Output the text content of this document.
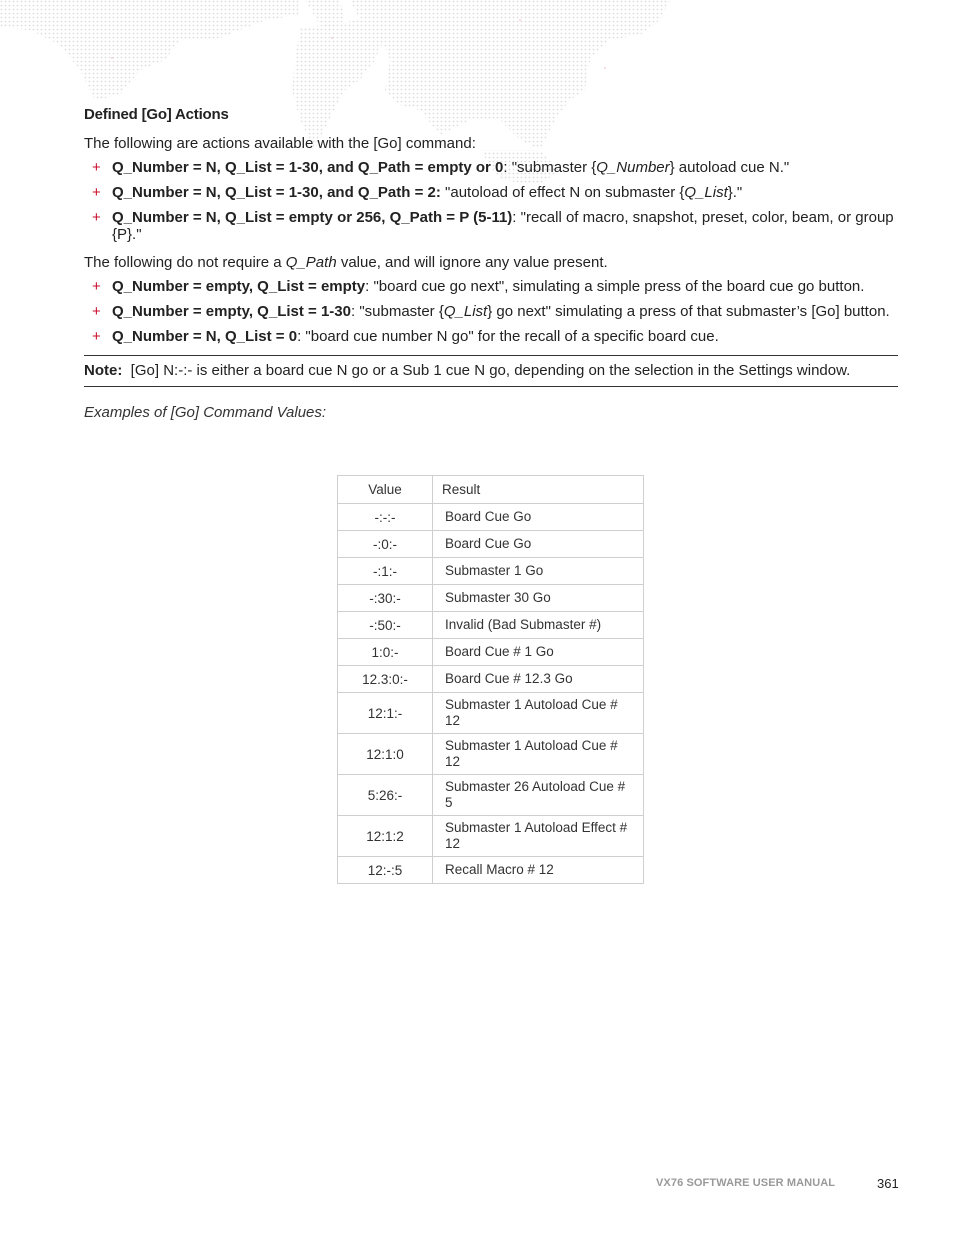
Defined [Go] Actions

The following are actions available with the [Go] command:

+ Q_Number = N, Q_List = 1-30, and Q_Path = empty or 0: "submaster {Q_Number} autoload cue N."
+ Q_Number = N, Q_List = 1-30, and Q_Path = 2: "autoload of effect N on submaster {Q_List}."
+ Q_Number = N, Q_List = empty or 256, Q_Path = P (5-11): "recall of macro, snapshot, preset, color, beam, or group {P}."

The following do not require a Q_Path value, and will ignore any value present.

+ Q_Number = empty, Q_List = empty: "board cue go next", simulating a simple press of the board cue go button.
+ Q_Number = empty, Q_List = 1-30: "submaster {Q_List} go next" simulating a press of that submaster’s [Go] button.
+ Q_Number = N, Q_List = 0: "board cue number N go" for the recall of a specific board cue.
Note: [Go] N:-:- is either a board cue N go or a Sub 1 cue N go, depending on the selection in the Settings window.
Examples of [Go] Command Values:
Value	Result
-:-:-	Board Cue Go
-:0:-	Board Cue Go
-:1:-	Submaster 1 Go
-:30:-	Submaster 30 Go
-:50:-	Invalid (Bad Submaster #)
1:0:-	Board Cue # 1 Go
12.3:0:-	Board Cue # 12.3 Go
12:1:-	Submaster 1 Autoload Cue # 12
12:1:0	Submaster 1 Autoload Cue # 12
5:26:-	Submaster 26 Autoload Cue # 5
12:1:2	Submaster 1 Autoload Effect # 12
12:-:5	Recall Macro # 12
VX76 SOFTWARE USER MANUAL	361
